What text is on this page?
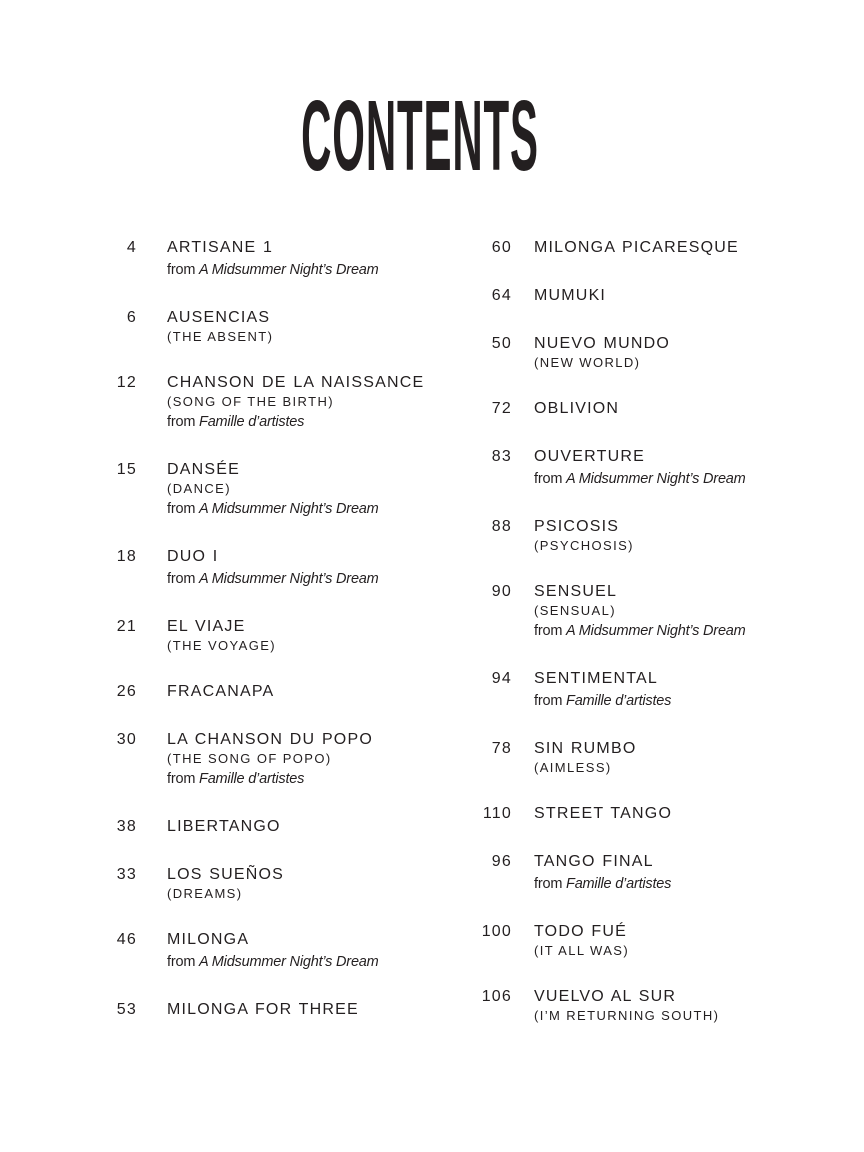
CONTENTS
4 ARTISANE 1
from A Midsummer Night’s Dream
6 AUSENCIAS
(THE ABSENT)
12 CHANSON DE LA NAISSANCE
(SONG OF THE BIRTH)
from Famille d’artistes
15 DANSÉE
(DANCE)
from A Midsummer Night’s Dream
18 DUO I
from A Midsummer Night’s Dream
21 EL VIAJE
(THE VOYAGE)
26 FRACANAPA
30 LA CHANSON DU POPO
(THE SONG OF POPO)
from Famille d’artistes
38 LIBERTANGO
33 LOS SUEÑOS
(DREAMS)
46 MILONGA
from A Midsummer Night’s Dream
53 MILONGA FOR THREE
60 MILONGA PICARESQUE
64 MUMUKI
50 NUEVO MUNDO
(NEW WORLD)
72 OBLIVION
83 OUVERTURE
from A Midsummer Night’s Dream
88 PSICOSIS
(PSYCHOSIS)
90 SENSUEL
(SENSUAL)
from A Midsummer Night’s Dream
94 SENTIMENTAL
from Famille d’artistes
78 SIN RUMBO
(AIMLESS)
110 STREET TANGO
96 TANGO FINAL
from Famille d’artistes
100 TODO FUÉ
(IT ALL WAS)
106 VUELVO AL SUR
(I’M RETURNING SOUTH)
